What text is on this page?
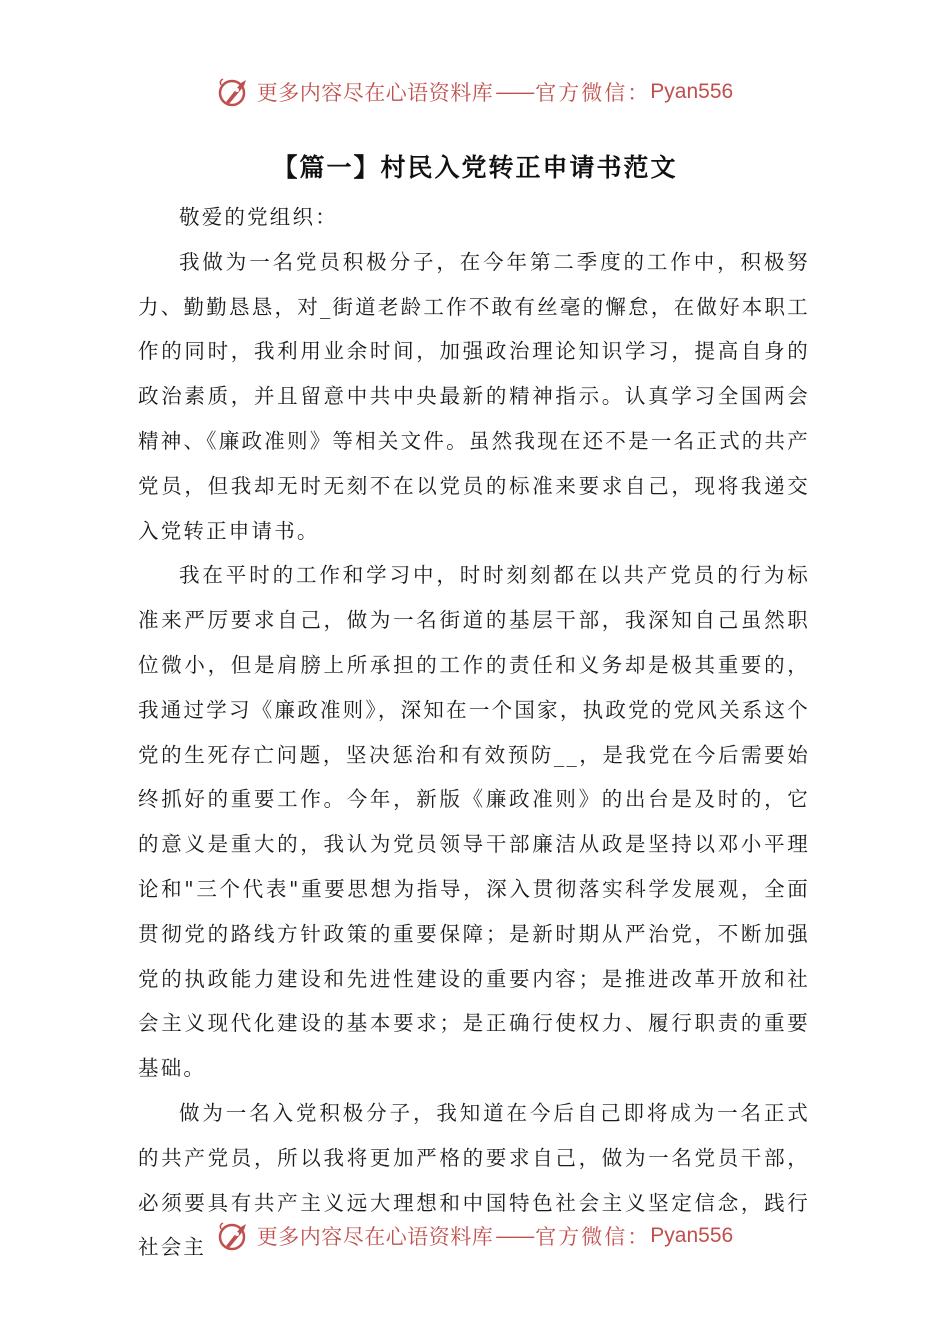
更多内容尽在心语资料库 —— 官方微信： Pyan556
【篇一】村民入党转正申请书范文

敬爱的党组织：

我做为一名党员积极分子，在今年第二季度的工作中，积极努力、勤勤恳恳，对_街道老龄工作不敢有丝毫的懈怠，在做好本职工作的同时，我利用业余时间，加强政治理论知识学习，提高自身的政治素质，并且留意中共中央最新的精神指示。认真学习全国两会精神、《廉政准则》等相关文件。虽然我现在还不是一名正式的共产党员，但我却无时无刻不在以党员的标准来要求自己，现将我递交入党转正申请书。

我在平时的工作和学习中，时时刻刻都在以共产党员的行为标准来严厉要求自己，做为一名街道的基层干部，我深知自己虽然职位微小，但是肩膀上所承担的工作的责任和义务却是极其重要的，我通过学习《廉政准则》，深知在一个国家，执政党的党风关系这个党的生死存亡问题，坚决惩治和有效预防__，是我党在今后需要始终抓好的重要工作。今年，新版《廉政准则》的出台是及时的，它的意义是重大的，我认为党员领导干部廉洁从政是坚持以邓小平理论和"三个代表"重要思想为指导，深入贯彻落实科学发展观，全面贯彻党的路线方针政策的重要保障；是新时期从严治党，不断加强党的执政能力建设和先进性建设的重要内容；是推进改革开放和社会主义现代化建设的基本要求；是正确行使权力、履行职责的重要基础。

做为一名入党积极分子，我知道在今后自己即将成为一名正式的共产党员，所以我将更加严格的要求自己，做为一名党员干部，必须要具有共产主义远大理想和中国特色社会主义坚定信念，践行社会主	更多内容尽在心语资料库 —— 官方微信： Pyan556
